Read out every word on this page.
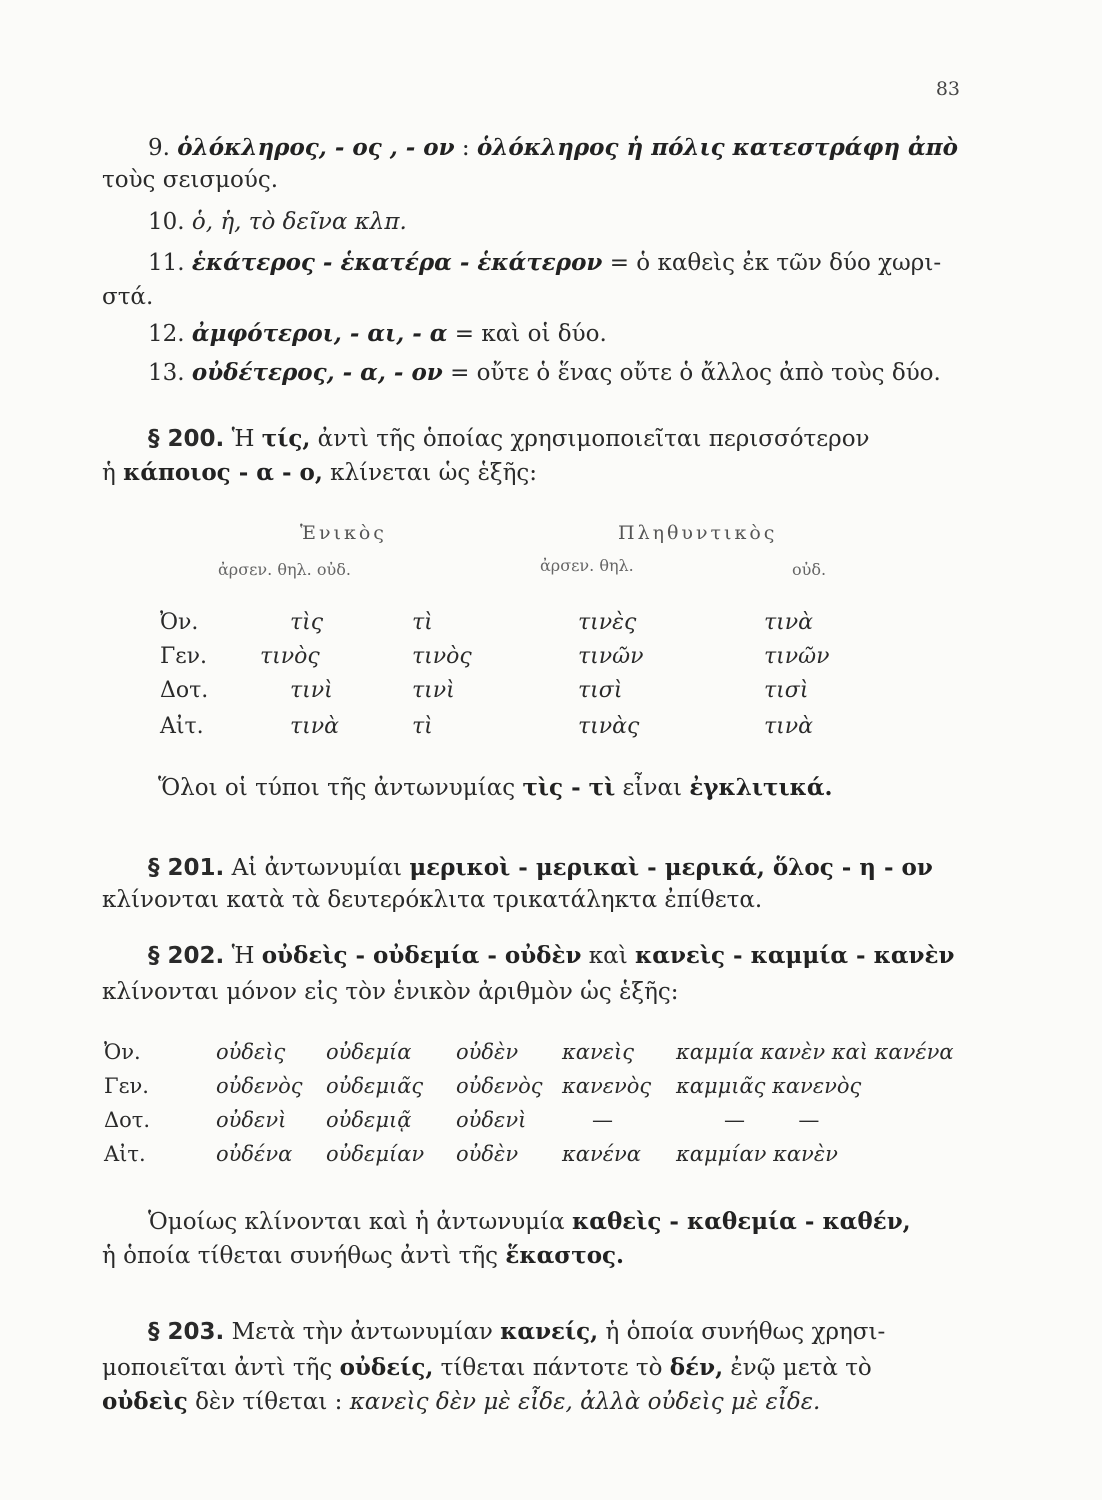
83
9. ὁλόκληρος, - ος , - ον : ὁλόκληρος ἡ πόλις κατεστράφη ἀπὸ
τοὺς σεισμούς.
10. ὁ, ἡ, τὸ δεῖνα κλπ.
11. ἑκάτερος - ἑκατέρα - ἑκάτερον = ὁ καθεὶς ἐκ τῶν δύο χωρι-
στά.
12. ἀμφότεροι, - αι, - α = καὶ οἱ δύο.
13. οὐδέτερος, - α, - ον = οὔτε ὁ ἕνας οὔτε ὁ ἄλλος ἀπὸ τοὺς δύο.
§ 200. Ἡ τίς, ἀντὶ τῆς ὁποίας χρησιμοποιεῖται περισσότερον
ἡ κάποιος - α - ο, κλίνεται ὡς ἑξῆς:
Ἑνικὸς	Πληθυντικὸς
ἀρσεν. θηλ. οὐδ.	ἀρσεν. θηλ.	οὐδ.
Ὀν.	τὶς	τὶ	τινὲς	τινὰ
Γεν. τινὸς	τινὸς	τινῶν	τινῶν
Δοτ.	τινὶ	τινὶ	τισὶ	τισὶ
Αἰτ.	τινὰ	τὶ	τινὰς	τινὰ
Ὅλοι οἱ τύποι τῆς ἀντωνυμίας τὶς - τὶ εἶναι ἐγκλιτικά.
§ 201. Αἱ ἀντωνυμίαι μερικοὶ - μερικαὶ - μερικά, ὅλος - η - ον
κλίνονται κατὰ τὰ δευτερόκλιτα τρικατάληκτα ἐπίθετα.
§ 202. Ἡ οὐδεὶς - οὐδεμία - οὐδὲν καὶ κανεὶς - καμμία - κανὲν
κλίνονται μόνον εἰς τὸν ἑνικὸν ἀριθμὸν ὡς ἑξῆς:
Ὀν.	οὐδεὶς οὐδεμία οὐδὲν κανεὶς καμμία κανὲν καὶ κανένα
Γεν.	οὐδενὸς οὐδεμιᾶς οὐδενὸς κανενὸς καμμιᾶς κανενὸς
Δοτ.	οὐδενὶ οὐδεμιᾷ οὐδενὶ	—	—        —
Αἰτ.	οὐδένα οὐδεμίαν οὐδὲν κανένα καμμίαν κανὲν
Ὁμοίως κλίνονται καὶ ἡ ἀντωνυμία καθεὶς - καθεμία - καθέν,
ἡ ὁποία τίθεται συνήθως ἀντὶ τῆς ἕκαστος.
§ 203. Μετὰ τὴν ἀντωνυμίαν κανείς, ἡ ὁποία συνήθως χρησι-
μοποιεῖται ἀντὶ τῆς οὐδείς, τίθεται πάντοτε τὸ δέν, ἐνῷ μετὰ τὸ
οὐδεὶς δὲν τίθεται : κανεὶς δὲν μὲ εἶδε, ἀλλὰ οὐδεὶς μὲ εἶδε.
